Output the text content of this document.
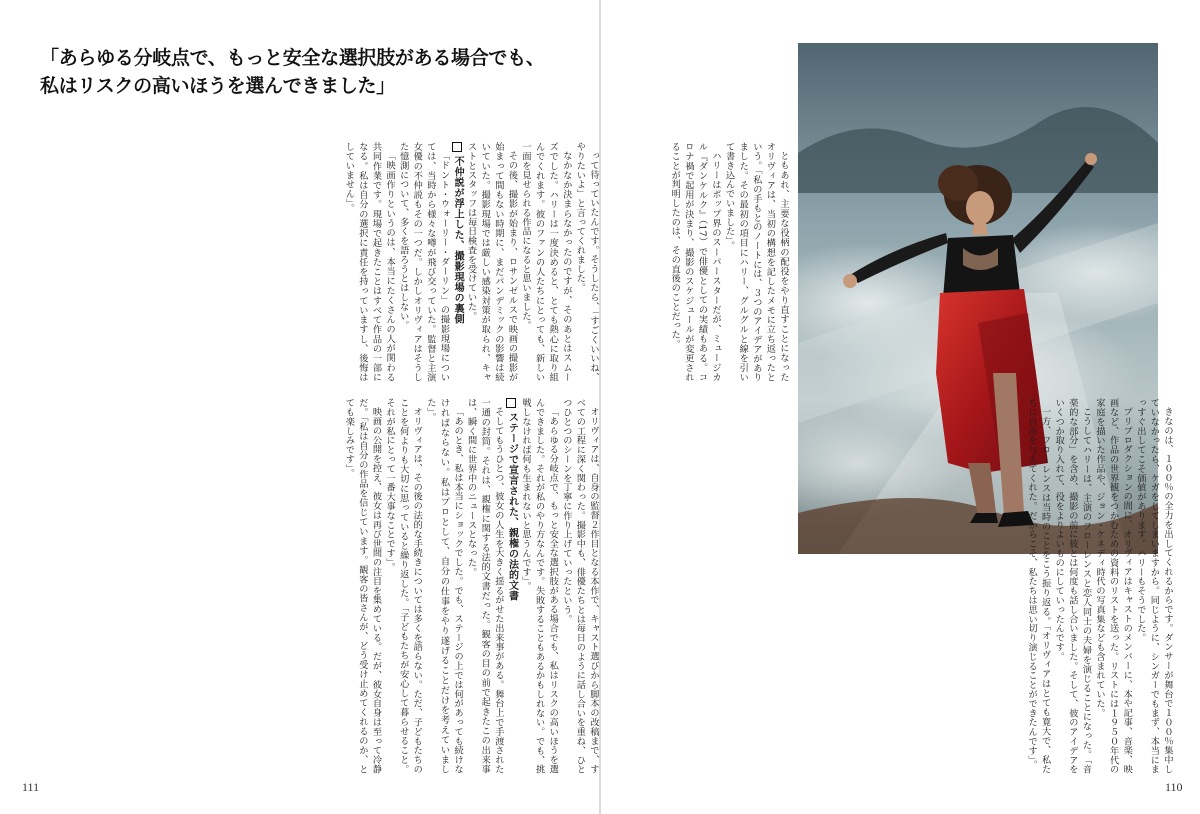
「あらゆる分岐点で、もっと安全な選択肢がある場合でも、
私はリスクの高いほうを選んできました」

って待っていたんです。そうしたら、「すごくいいね、やりたいよ」と言ってくれました。

なかなか決まらなかったのですが、そのあとはスムーズでした。ハリーは一度決めると、とても熱心に取り組んでくれます。彼のファンの人たちにとっても、新しい一面を見せられる作品になると思いました。

その後、撮影が始まり、ロサンゼルスで映画の撮影が始まって間もない時期に、まだパンデミックの影響は続いていた。撮影現場では厳しい感染対策が取られ、キャストとスタッフは毎日検査を受けていた。

不仲説が浮上した、撮影現場の裏側

「ドント・ウォーリー・ダーリン」の撮影現場については、当時から様々な噂が飛び交っていた。監督と主演女優の不仲説もその一つだ。しかしオリヴィアはそうした憶測について、多くを語ろうとはしない。

「映画作りというのは、本当にたくさんの人が関わる共同作業です。現場で起きたことはすべて作品の一部になる。私は自分の選択に責任を持っていますし、後悔はしていません」。

オリヴィアは、自身の監督２作目となる本作で、キャスト選びから脚本の改稿まで、すべての工程に深く関わった。撮影中も、俳優たちとは毎日のように話し合いを重ね、ひとつひとつのシーンを丁寧に作り上げていったという。

「あらゆる分岐点で、もっと安全な選択肢がある場合でも、私はリスクの高いほうを選んできました。それが私のやり方なんです。失敗することもあるかもしれない。でも、挑戦しなければ何も生まれないと思うんです」。

ステージで宣言された、親権の法的文書

そしてもうひとつ、彼女の人生を大きく揺るがせた出来事がある。舞台上で手渡された一通の封筒。それは、親権に関する法的文書だった。観客の目の前で起きたこの出来事は、瞬く間に世界中のニュースとなった。

「あのとき、私は本当にショックでした。でも、ステージの上では何があっても続けなければならない。私はプロとして、自分の仕事をやり遂げることだけを考えていました」。

オリヴィアは、その後の法的な手続きについては多くを語らない。ただ、子どもたちのことを何よりも大切に思っていると繰り返した。「子どもたちが安心して暮らせること。それが私にとって一番大事なことです」。

映画の公開を控え、彼女は再び世間の注目を集めている。だが、彼女自身は至って冷静だ。「私は自分の作品を信じています。観客の皆さんが、どう受け止めてくれるのか、とても楽しみです」。

ともあれ、主要な役柄の配役をやり直すことになったオリヴィアは、当初の構想を記したメモに立ち返ったという。「私の手もとのノートには、３つのアイデアがありました。その最初の項目にハリー、グルグルと線を引いて書き込んでいました」。

ハリーはポップ界のスーパースターだが、ミュージカル『ダンケルク』（17）で俳優としての実績もある。コロナ禍で起用が決まり、撮影のスケジュールが変更されることが判明したのは、その直後のことだった。

きなのは、１００％の全力を出してくれるからです。ダンサーが舞台で１００％集中していなかったら、ケガをしてしまいますから。同じように、シンガーでもまず、本当にまっすぐ出してこそ価値があります。ハリーもそうでした。

プリプロダクションの間に、オリヴィアはキャストのメンバーに、本や記事、音楽、映画など、作品の世界観をつかむための資料のリストを送った。リストには１９５０年代の家庭を描いた作品や、ジョン・ケネディ時代の写真集なども含まれていた。

こうしてハリーは、主演のフローレンスと恋人同士の夫婦を演じることになった。「音楽的な部分」を含め、撮影の前に彼とは何度も話し合いました。そして、彼のアイデアをいくつか取り入れて、役をよりよいものにしていったんです。

一方、フローレンスは当時のことをこう振り返る。「オリヴィアはとても寛大で、私たちに自由を与えてくれた。だからこそ、私たちは思い切り演じることができたんです」。

111	110
